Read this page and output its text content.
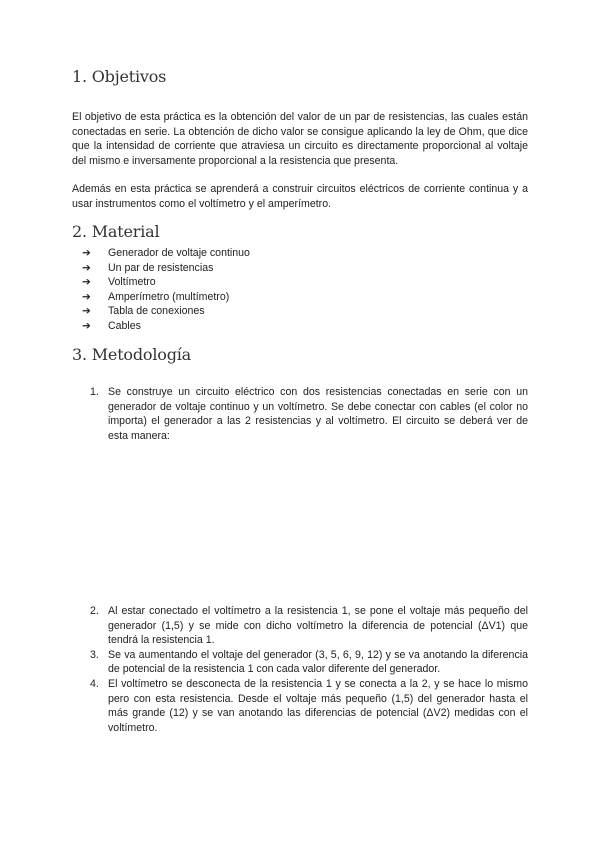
1. Objetivos

El objetivo de esta práctica es la obtención del valor de un par de resistencias, las cuales están conectadas en serie. La obtención de dicho valor se consigue aplicando la ley de Ohm, que dice que la intensidad de corriente que atraviesa un circuito es directamente proporcional al voltaje del mismo e inversamente proporcional a la resistencia que presenta.

Además en esta práctica se aprenderá a construir circuitos eléctricos de corriente continua y a usar instrumentos como el voltímetro y el amperímetro.

2. Material
➔	Generador de voltaje continuo
➔	Un par de resistencias
➔	Voltímetro
➔	Amperímetro (multímetro)
➔	Tabla de conexiones
➔	Cables
3. Metodología
1. Se construye un circuito eléctrico con dos resistencias conectadas en serie con un generador de voltaje continuo y un voltímetro. Se debe conectar con cables (el color no importa) el generador a las 2 resistencias y al voltímetro. El circuito se deberá ver de esta manera:
2. Al estar conectado el voltímetro a la resistencia 1, se pone el voltaje más pequeño del generador (1,5) y se mide con dicho voltímetro la diferencia de potencial (ΔV1) que tendrá la resistencia 1.
3. Se va aumentando el voltaje del generador (3, 5, 6, 9, 12) y se va anotando la diferencia de potencial de la resistencia 1 con cada valor diferente del generador.
4. El voltímetro se desconecta de la resistencia 1 y se conecta a la 2, y se hace lo mismo pero con esta resistencia. Desde el voltaje más pequeño (1,5) del generador hasta el más grande (12) y se van anotando las diferencias de potencial (ΔV2) medidas con el voltímetro.
